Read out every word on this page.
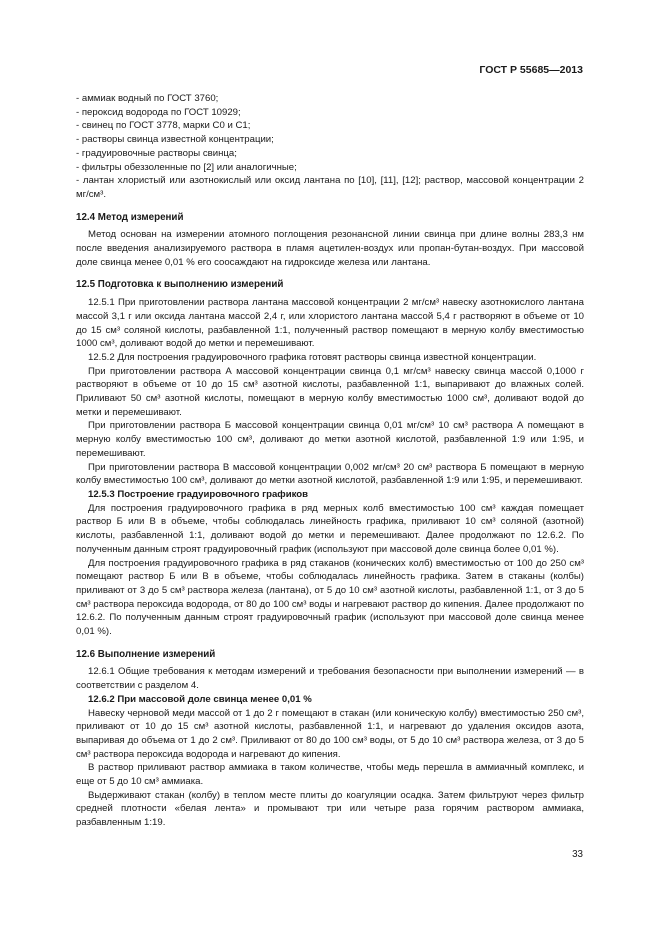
ГОСТ Р 55685—2013

- аммиак водный по ГОСТ 3760;

- пероксид водорода по ГОСТ 10929;

- свинец по ГОСТ 3778, марки С0 и С1;

- растворы свинца известной концентрации;

- градуировочные растворы свинца;

- фильтры обеззоленные по [2] или аналогичные;

- лантан хлористый или азотнокислый или оксид лантана по [10], [11], [12]; раствор, массовой концентрации 2 мг/см³.

12.4 Метод измерений

Метод основан на измерении атомного поглощения резонансной линии свинца при длине волны 283,3 нм после введения анализируемого раствора в пламя ацетилен-воздух или пропан-бутан-воздух. При массовой доле свинца менее 0,01 % его соосаждают на гидроксиде железа или лантана.

12.5 Подготовка к выполнению измерений

12.5.1 При приготовлении раствора лантана массовой концентрации 2 мг/см³ навеску азотнокислого лантана массой 3,1 г или оксида лантана массой 2,4 г, или хлористого лантана массой 5,4 г растворяют в объеме от 10 до 15 см³ соляной кислоты, разбавленной 1:1, полученный раствор помещают в мерную колбу вместимостью 1000 см³, доливают водой до метки и перемешивают.

12.5.2 Для построения градуировочного графика готовят растворы свинца известной концентрации.

При приготовлении раствора А массовой концентрации свинца 0,1 мг/см³ навеску свинца массой 0,1000 г растворяют в объеме от 10 до 15 см³ азотной кислоты, разбавленной 1:1, выпаривают до влажных солей. Приливают 50 см³ азотной кислоты, помещают в мерную колбу вместимостью 1000 см³, доливают водой до метки и перемешивают.

При приготовлении раствора Б массовой концентрации свинца 0,01 мг/см³ 10 см³ раствора А помещают в мерную колбу вместимостью 100 см³, доливают до метки азотной кислотой, разбавленной 1:9 или 1:95, и перемешивают.

При приготовлении раствора В массовой концентрации 0,002 мг/см³ 20 см³ раствора Б помещают в мерную колбу вместимостью 100 см³, доливают до метки азотной кислотой, разбавленной 1:9 или 1:95, и перемешивают.

12.5.3 Построение градуировочного графиков

Для построения градуировочного графика в ряд мерных колб вместимостью 100 см³ каждая помещает раствор Б или В в объеме, чтобы соблюдалась линейность графика, приливают 10 см³ соляной (азотной) кислоты, разбавленной 1:1, доливают водой до метки и перемешивают. Далее продолжают по 12.6.2. По полученным данным строят градуировочный график (используют при массовой доле свинца более 0,01 %).

Для построения градуировочного графика в ряд стаканов (конических колб) вместимостью от 100 до 250 см³ помещают раствор Б или В в объеме, чтобы соблюдалась линейность графика. Затем в стаканы (колбы) приливают от 3 до 5 см³ раствора железа (лантана), от 5 до 10 см³ азотной кислоты, разбавленной 1:1, от 3 до 5 см³ раствора пероксида водорода, от 80 до 100 см³ воды и нагревают раствор до кипения. Далее продолжают по 12.6.2. По полученным данным строят градуировочный график (используют при массовой доле свинца менее 0,01 %).

12.6 Выполнение измерений

12.6.1 Общие требования к методам измерений и требования безопасности при выполнении измерений — в соответствии с разделом 4.

12.6.2 При массовой доле свинца менее 0,01 %

Навеску черновой меди массой от 1 до 2 г помещают в стакан (или коническую колбу) вместимостью 250 см³, приливают от 10 до 15 см³ азотной кислоты, разбавленной 1:1, и нагревают до удаления оксидов азота, выпаривая до объема от 1 до 2 см³. Приливают от 80 до 100 см³ воды, от 5 до 10 см³ раствора железа, от 3 до 5 см³ раствора пероксида водорода и нагревают до кипения.

В раствор приливают раствор аммиака в таком количестве, чтобы медь перешла в аммиачный комплекс, и еще от 5 до 10 см³ аммиака.

Выдерживают стакан (колбу) в теплом месте плиты до коагуляции осадка. Затем фильтруют через фильтр средней плотности «белая лента» и промывают три или четыре раза горячим раствором аммиака, разбавленным 1:19.

33
